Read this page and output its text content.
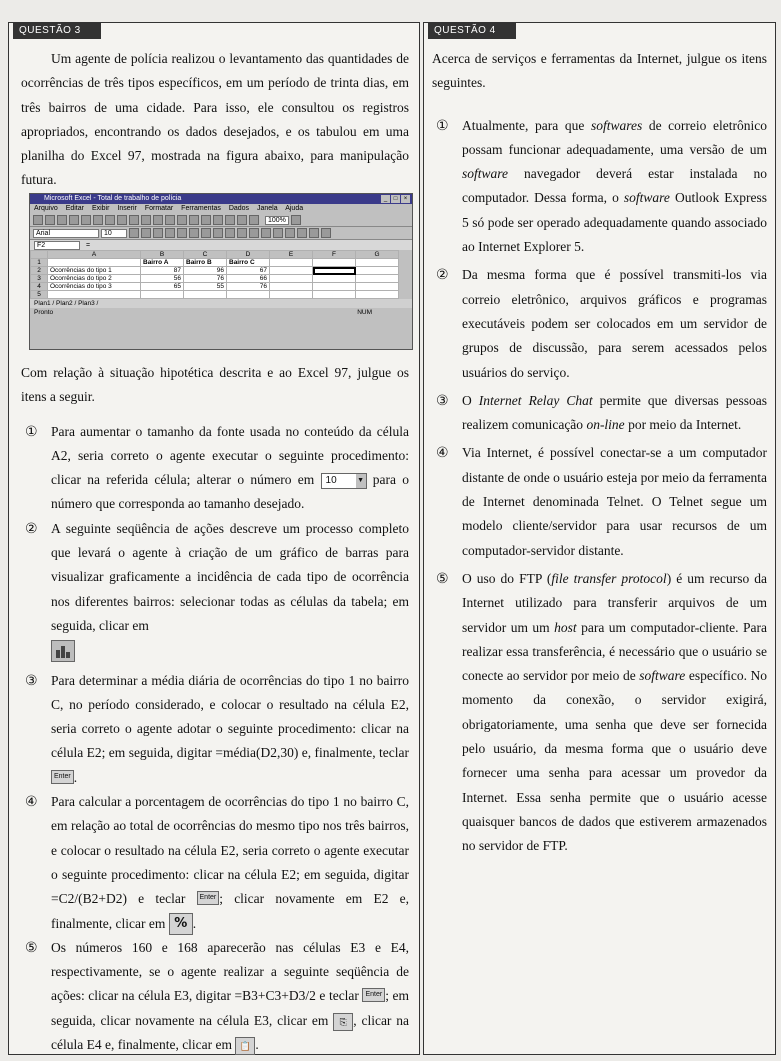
QUESTÃO 3

Um agente de polícia realizou o levantamento das quantidades de ocorrências de três tipos específicos, em um período de trinta dias, em três bairros de uma cidade. Para isso, ele consultou os registros apropriados, encontrando os dados desejados, e os tabulou em uma planilha do Excel 97, mostrada na figura abaixo, para manipulação futura.

Microsoft Excel - Total de trabalho de polícia	_	□	×
Arquivo Editar Exibir Inserir Formatar Ferramentas Dados Janela Ajuda
100%
Arial	10
F2	=
	A	B	C	D	E	F	G
1		Bairro A	Bairro B	Bairro C			
2	Ocorrências do tipo 1	87	96	67			
3	Ocorrências do tipo 2	56	76	66			
4	Ocorrências do tipo 3	65	55	76			
5							
Plan1 / Plan2 / Plan3 /
Pronto	NUM

Com relação à situação hipotética descrita e ao Excel 97, julgue os itens a seguir.

① Para aumentar o tamanho da fonte usada no conteúdo da célula A2, seria correto o agente executar o seguinte procedimento: clicar na referida célula; alterar o número em 10	▼ para o número que corresponda ao tamanho desejado.
② A seguinte seqüência de ações descreve um processo completo que levará o agente à criação de um gráfico de barras para visualizar graficamente a incidência de cada tipo de ocorrência nos diferentes bairros: selecionar todas as células da tabela; em seguida, clicar em

③ Para determinar a média diária de ocorrências do tipo 1 no bairro C, no período considerado, e colocar o resultado na célula E2, seria correto o agente adotar o seguinte procedimento: clicar na célula E2; em seguida, digitar =média(D2,30) e, finalmente, teclar Enter .
④ Para calcular a porcentagem de ocorrências do tipo 1 no bairro C, em relação ao total de ocorrências do mesmo tipo nos três bairros, e colocar o resultado na célula E2, seria correto o agente executar o seguinte procedimento: clicar na célula E2; em seguida, digitar =C2/(B2+D2) e teclar Enter ; clicar novamente em E2 e, finalmente, clicar em % .
⑤ Os números 160 e 168 aparecerão nas células E3 e E4, respectivamente, se o agente realizar a seguinte seqüência de ações: clicar na célula E3, digitar =B3+C3+D3/2 e teclar Enter ; em seguida, clicar novamente na célula E3, clicar em ⎘ , clicar na célula E4 e, finalmente, clicar em 📋 .
QUESTÃO 4

Acerca de serviços e ferramentas da Internet, julgue os itens seguintes.

① Atualmente, para que softwares de correio eletrônico possam funcionar adequadamente, uma versão de um software navegador deverá estar instalada no computador. Dessa forma, o software Outlook Express 5 só pode ser operado adequadamente quando associado ao Internet Explorer 5.
② Da mesma forma que é possível transmiti-los via correio eletrônico, arquivos gráficos e programas executáveis podem ser colocados em um servidor de grupos de discussão, para serem acessados pelos usuários do serviço.
③ O Internet Relay Chat permite que diversas pessoas realizem comunicação on-line por meio da Internet.
④ Via Internet, é possível conectar-se a um computador distante de onde o usuário esteja por meio da ferramenta de Internet denominada Telnet. O Telnet segue um modelo cliente/servidor para usar recursos de um computador-servidor distante.
⑤ O uso do FTP (file transfer protocol) é um recurso da Internet utilizado para transferir arquivos de um servidor um um host para um computador-cliente. Para realizar essa transferência, é necessário que o usuário se conecte ao servidor por meio de software específico. No momento da conexão, o servidor exigirá, obrigatoriamente, uma senha que deve ser fornecida pelo usuário, da mesma forma que o usuário deve fornecer uma senha para acessar um provedor da Internet. Essa senha permite que o usuário acesse quaisquer bancos de dados que estiverem armazenados no servidor de FTP.
